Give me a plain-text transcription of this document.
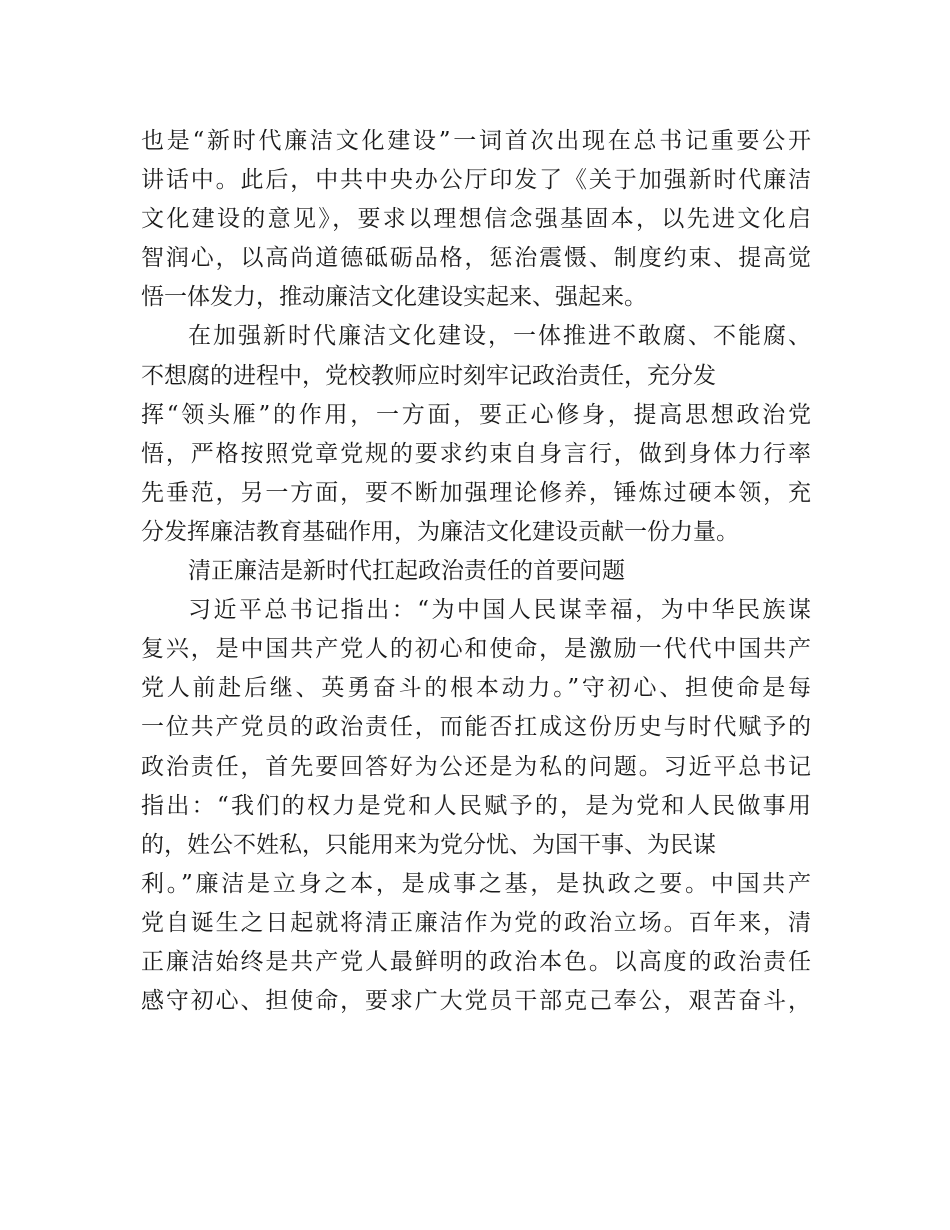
也是“新时代廉洁文化建设”一词首次出现在总书记重要公开
讲话中。此后，中共中央办公厅印发了《关于加强新时代廉洁
文化建设的意见》，要求以理想信念强基固本，以先进文化启
智润心，以高尚道德砥砺品格，惩治震慑、制度约束、提高觉
悟一体发力，推动廉洁文化建设实起来、强起来。
在加强新时代廉洁文化建设，一体推进不敢腐、不能腐、
不想腐的进程中，党校教师应时刻牢记政治责任，充分发
挥“领头雁”的作用，一方面，要正心修身，提高思想政治党
悟，严格按照党章党规的要求约束自身言行，做到身体力行率
先垂范，另一方面，要不断加强理论修养，锤炼过硬本领，充
分发挥廉洁教育基础作用，为廉洁文化建设贡献一份力量。
清正廉洁是新时代扛起政治责任的首要问题
习近平总书记指出：“为中国人民谋幸福，为中华民族谋
复兴，是中国共产党人的初心和使命，是激励一代代中国共产
党人前赴后继、英勇奋斗的根本动力。”守初心、担使命是每
一位共产党员的政治责任，而能否扛成这份历史与时代赋予的
政治责任，首先要回答好为公还是为私的问题。习近平总书记
指出：“我们的权力是党和人民赋予的，是为党和人民做事用
的，姓公不姓私，只能用来为党分忧、为国干事、为民谋
利。”廉洁是立身之本，是成事之基，是执政之要。中国共产
党自诞生之日起就将清正廉洁作为党的政治立场。百年来，清
正廉洁始终是共产党人最鲜明的政治本色。以高度的政治责任
感守初心、担使命，要求广大党员干部克己奉公，艰苦奋斗，
